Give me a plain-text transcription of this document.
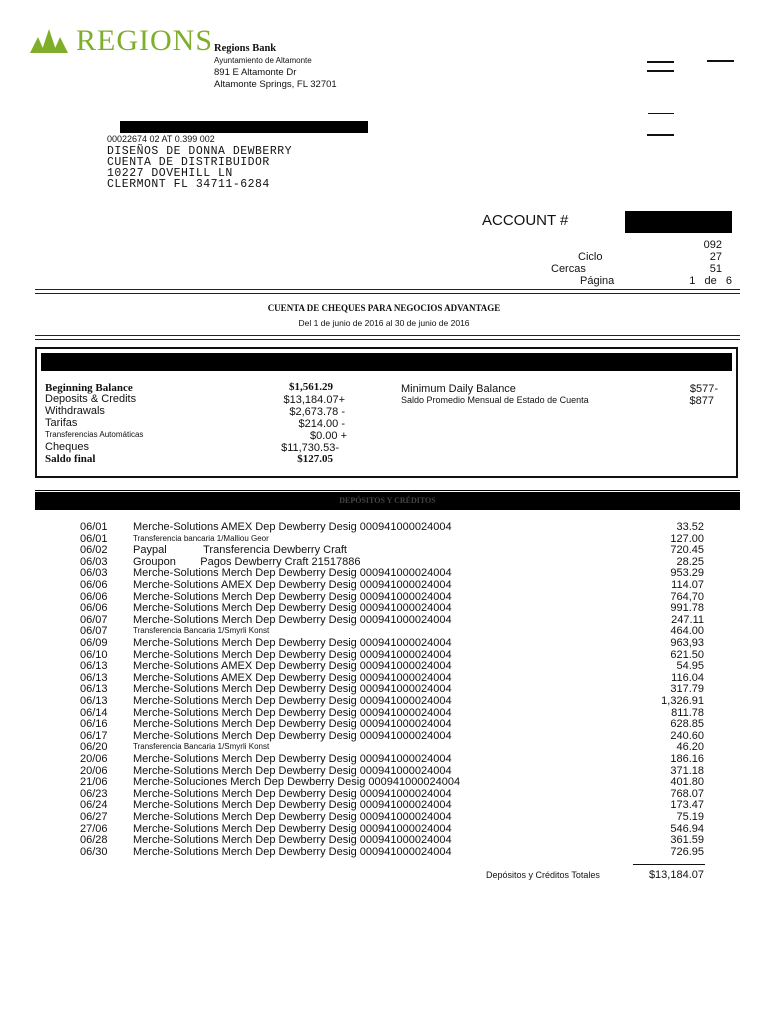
REGIONS Regions Bank
Ayuntamiento de Altamonte
891 E Altamonte Dr
Altamonte Springs, FL 32701
00022674 02 AT 0.399 002
DISEÑOS DE DONNA DEWBERRY
CUENTA DE DISTRIBUIDOR
10227 DOVEHILL LN
CLERMONT FL 34711-6284
ACCOUNT #
092
Ciclo	27
Cercas	51
Página	1   de   6
CUENTA DE CHEQUES PARA NEGOCIOS ADVANTAGE
Del 1 de junio de 2016 al 30 de junio de 2016
Beginning Balance	$1,561.29
Deposits & Credits	$13,184.07+
Withdrawals	$2,673.78 -
Tarifas	$214.00 -
Transferencias Automáticas	$0.00 +
Cheques	$11,730.53-
Saldo final	$127.05
Minimum Daily Balance	$577-
Saldo Promedio Mensual de Estado de Cuenta	$877
DEPÓSITOS Y CRÉDITOS
06/01 Merche-Solutions AMEX Dep Dewberry Desig 000941000024004	33.52
06/01	Transferencia bancaria 1/Malliou Geor	127.00
06/02 Paypal            Transferencia Dewberry Craft	720.45
06/03 Groupon        Pagos Dewberry Craft 21517886	28.25
06/03 Merche-Solutions Merch Dep Dewberry Desig 000941000024004	953.29
06/06 Merche-Solutions AMEX Dep Dewberry Desig 000941000024004	114.07
06/06 Merche-Solutions Merch Dep Dewberry Desig 000941000024004	764,70
06/06 Merche-Solutions Merch Dep Dewberry Desig 000941000024004	991.78
06/07 Merche-Solutions Merch Dep Dewberry Desig 000941000024004	247.11
06/07	Transferencia Bancaria 1/Smyrli Konst	464.00
06/09 Merche-Solutions Merch Dep Dewberry Desig 000941000024004	963,93
06/10 Merche-Solutions Merch Dep Dewberry Desig 000941000024004	621.50
06/13 Merche-Solutions AMEX Dep Dewberry Desig 000941000024004	54.95
06/13 Merche-Solutions AMEX Dep Dewberry Desig 000941000024004	116.04
06/13 Merche-Solutions Merch Dep Dewberry Desig 000941000024004	317.79
06/13 Merche-Solutions Merch Dep Dewberry Desig 000941000024004	1,326.91
06/14 Merche-Solutions Merch Dep Dewberry Desig 000941000024004	811.78
06/16 Merche-Solutions Merch Dep Dewberry Desig 000941000024004	628.85
06/17 Merche-Solutions Merch Dep Dewberry Desig 000941000024004	240.60
06/20	Transferencia Bancaria 1/Smyrli Konst	46.20
20/06 Merche-Solutions Merch Dep Dewberry Desig 000941000024004	186.16
20/06 Merche-Solutions Merch Dep Dewberry Desig 000941000024004	371.18
21/06 Merche-Soluciones Merch Dep Dewberry Desig 000941000024004	401.80
06/23 Merche-Solutions Merch Dep Dewberry Desig 000941000024004	768.07
06/24 Merche-Solutions Merch Dep Dewberry Desig 000941000024004	173.47
06/27 Merche-Solutions Merch Dep Dewberry Desig 000941000024004	75.19
27/06 Merche-Solutions Merch Dep Dewberry Desig 000941000024004	546.94
06/28 Merche-Solutions Merch Dep Dewberry Desig 000941000024004	361.59
06/30 Merche-Solutions Merch Dep Dewberry Desig 000941000024004	726.95
Depósitos y Créditos Totales	$13,184.07
